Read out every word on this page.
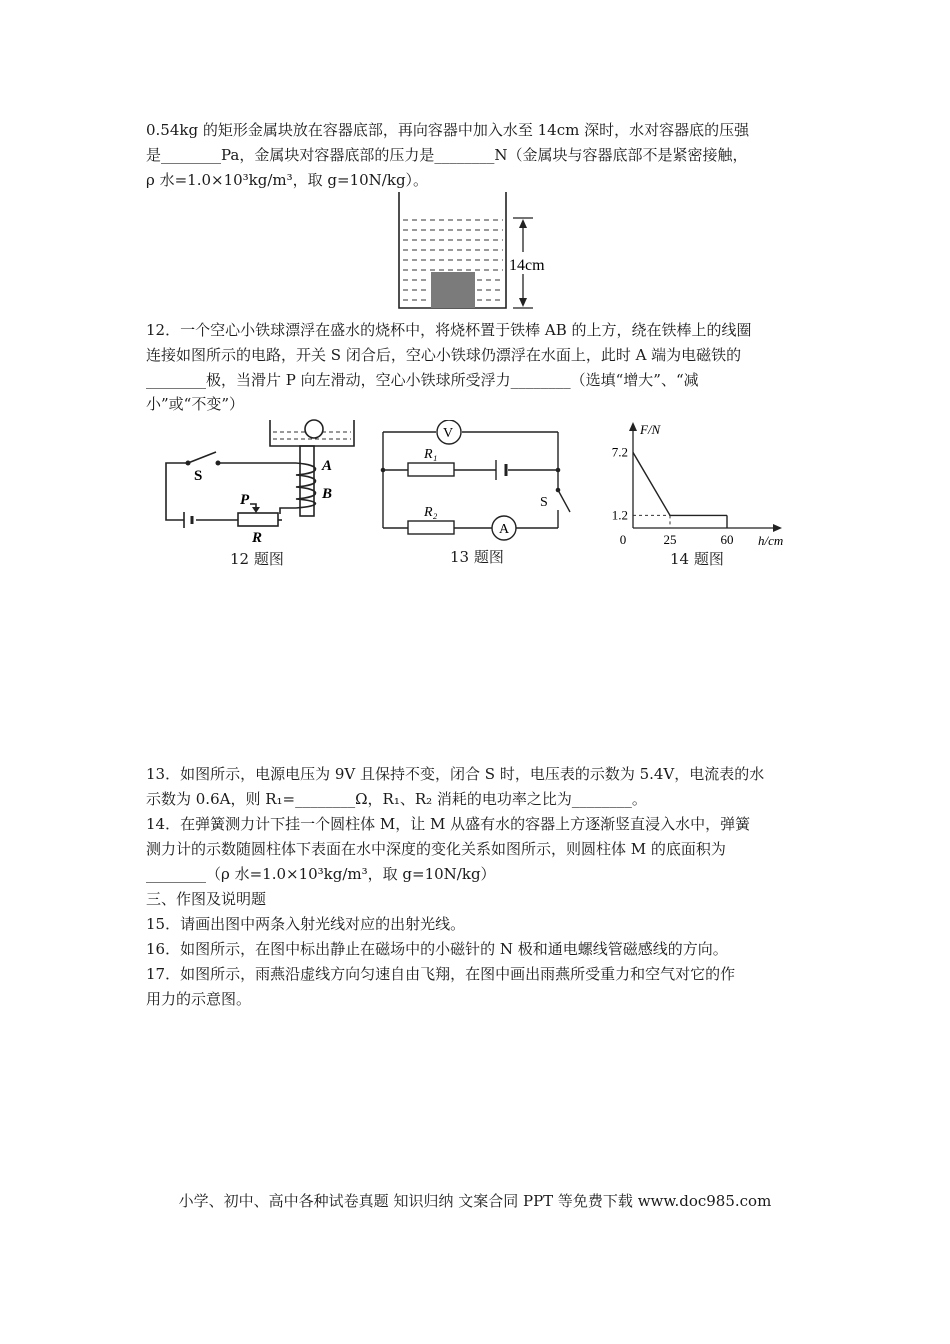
0.54kg 的矩形金属块放在容器底部，再向容器中加入水至 14cm 深时，水对容器底的压强
是________Pa，金属块对容器底部的压力是________N（金属块与容器底部不是紧密接触，
ρ 水=1.0×10³kg/m³，取 g=10N/kg）。
14cm
12．一个空心小铁球漂浮在盛水的烧杯中，将烧杯置于铁棒 AB 的上方，绕在铁棒上的线圈
连接如图所示的电路，开关 S 闭合后，空心小铁球仍漂浮在水面上，此时 A 端为电磁铁的
________极，当滑片 P 向左滑动，空心小铁球所受浮力________（选填“增大”、“减
小”或“不变”）
S
A
B
P
R
12 题图
V
A
R₁
R₂
S
13 题图
7.2
1.2
0	25	60
F/N
h/cm
14 题图
13．如图所示，电源电压为 9V 且保持不变，闭合 S 时，电压表的示数为 5.4V，电流表的水
示数为 0.6A，则 R₁=________Ω，R₁、R₂ 消耗的电功率之比为________。
14．在弹簧测力计下挂一个圆柱体 M，让 M 从盛有水的容器上方逐渐竖直浸入水中，弹簧
测力计的示数随圆柱体下表面在水中深度的变化关系如图所示，则圆柱体 M 的底面积为
________（ρ 水=1.0×10³kg/m³，取 g=10N/kg）
三、作图及说明题
15．请画出图中两条入射光线对应的出射光线。
16．如图所示，在图中标出静止在磁场中的小磁针的 N 极和通电螺线管磁感线的方向。
17．如图所示，雨燕沿虚线方向匀速自由飞翔，在图中画出雨燕所受重力和空气对它的作
用力的示意图。
小学、初中、高中各种试卷真题 知识归纳 文案合同 PPT 等免费下载 www.doc985.com
